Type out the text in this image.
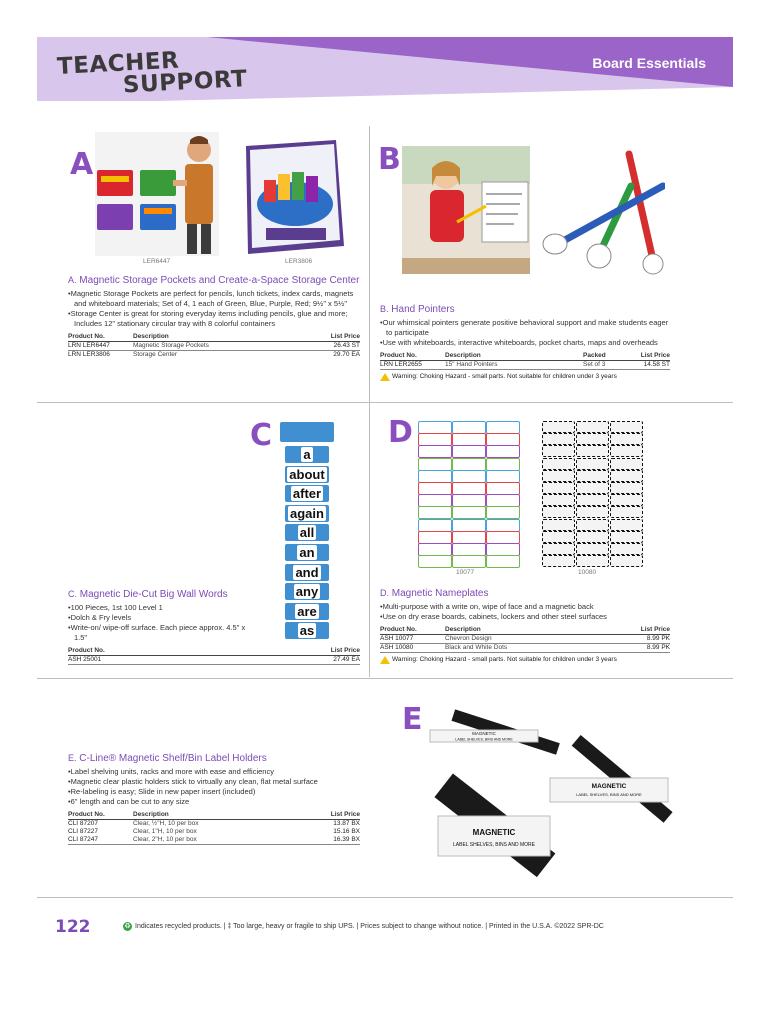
TEACHER
SUPPORT
Board Essentials
A
LER6447	LER3806
A. Magnetic Storage Pockets and Create-a-Space Storage Center
• Magnetic Storage Pockets are perfect for pencils, lunch tickets, index cards, magnets and whiteboard materials; Set of 4, 1 each of Green, Blue, Purple, Red; 9½" x 5½"
• Storage Center is great for storing everyday items including pencils, glue and more; Includes 12" stationary circular tray with 8 colorful containers
Product No.	Description	List Price
LRN LER6447	Magnetic Storage Pockets	26.43 ST
LRN LER3806	Storage Center	29.70 EA
B
B. Hand Pointers
• Our whimsical pointers generate positive behavioral support and make students eager to participate
• Use with whiteboards, interactive whiteboards, pocket charts, maps and overheads
Product No.	Description	Packed	List Price
LRN LER2655	15" Hand Pointers	Set of 3	14.58 ST
Warning: Choking Hazard - small parts. Not suitable for children under 3 years
C
a
about
after
again
all
an
and
any
are
as
C. Magnetic Die-Cut Big Wall Words
• 100 Pieces, 1st 100 Level 1
• Dolch & Fry levels
• Write-on/ wipe-off surface. Each piece approx. 4.5" x 1.5"
Product No.	List Price
ASH 25001	27.49 EA
D
10077	10080
D. Magnetic Nameplates
• Multi-purpose with a write on, wipe of face and a magnetic back
• Use on dry erase boards, cabinets, lockers and other steel surfaces
Product No.	Description	List Price
ASH 10077	Chevron Design	8.99 PK
ASH 10080	Black and White Dots	8.99 PK
Warning: Choking Hazard - small parts. Not suitable for children under 3 years
E	MAGNETIC
LABEL SHELVES, BINS AND MORE
MAGNETIC
LABEL SHELVES, BINS AND MORE
MAGNETIC
LABEL SHELVES, BINS AND MORE
E. C-Line® Magnetic Shelf/Bin Label Holders
• Label shelving units, racks and more with ease and efficiency
• Magnetic clear plastic holders stick to virtually any clean, flat metal surface
• Re-labeling is easy; Slide in new paper insert (included)
• 6" length and can be cut to any size
Product No.	Description	List Price
CLI 87207	Clear, ½"H, 10 per box	13.87 BX
CLI 87227	Clear, 1"H, 10 per box	15.16 BX
CLI 87247	Clear, 2"H, 10 per box	16.39 BX
122	♻ Indicates recycled products. | ‡ Too large, heavy or fragile to ship UPS. | Prices subject to change without notice. | Printed in the U.S.A. ©2022 SPR-DC
